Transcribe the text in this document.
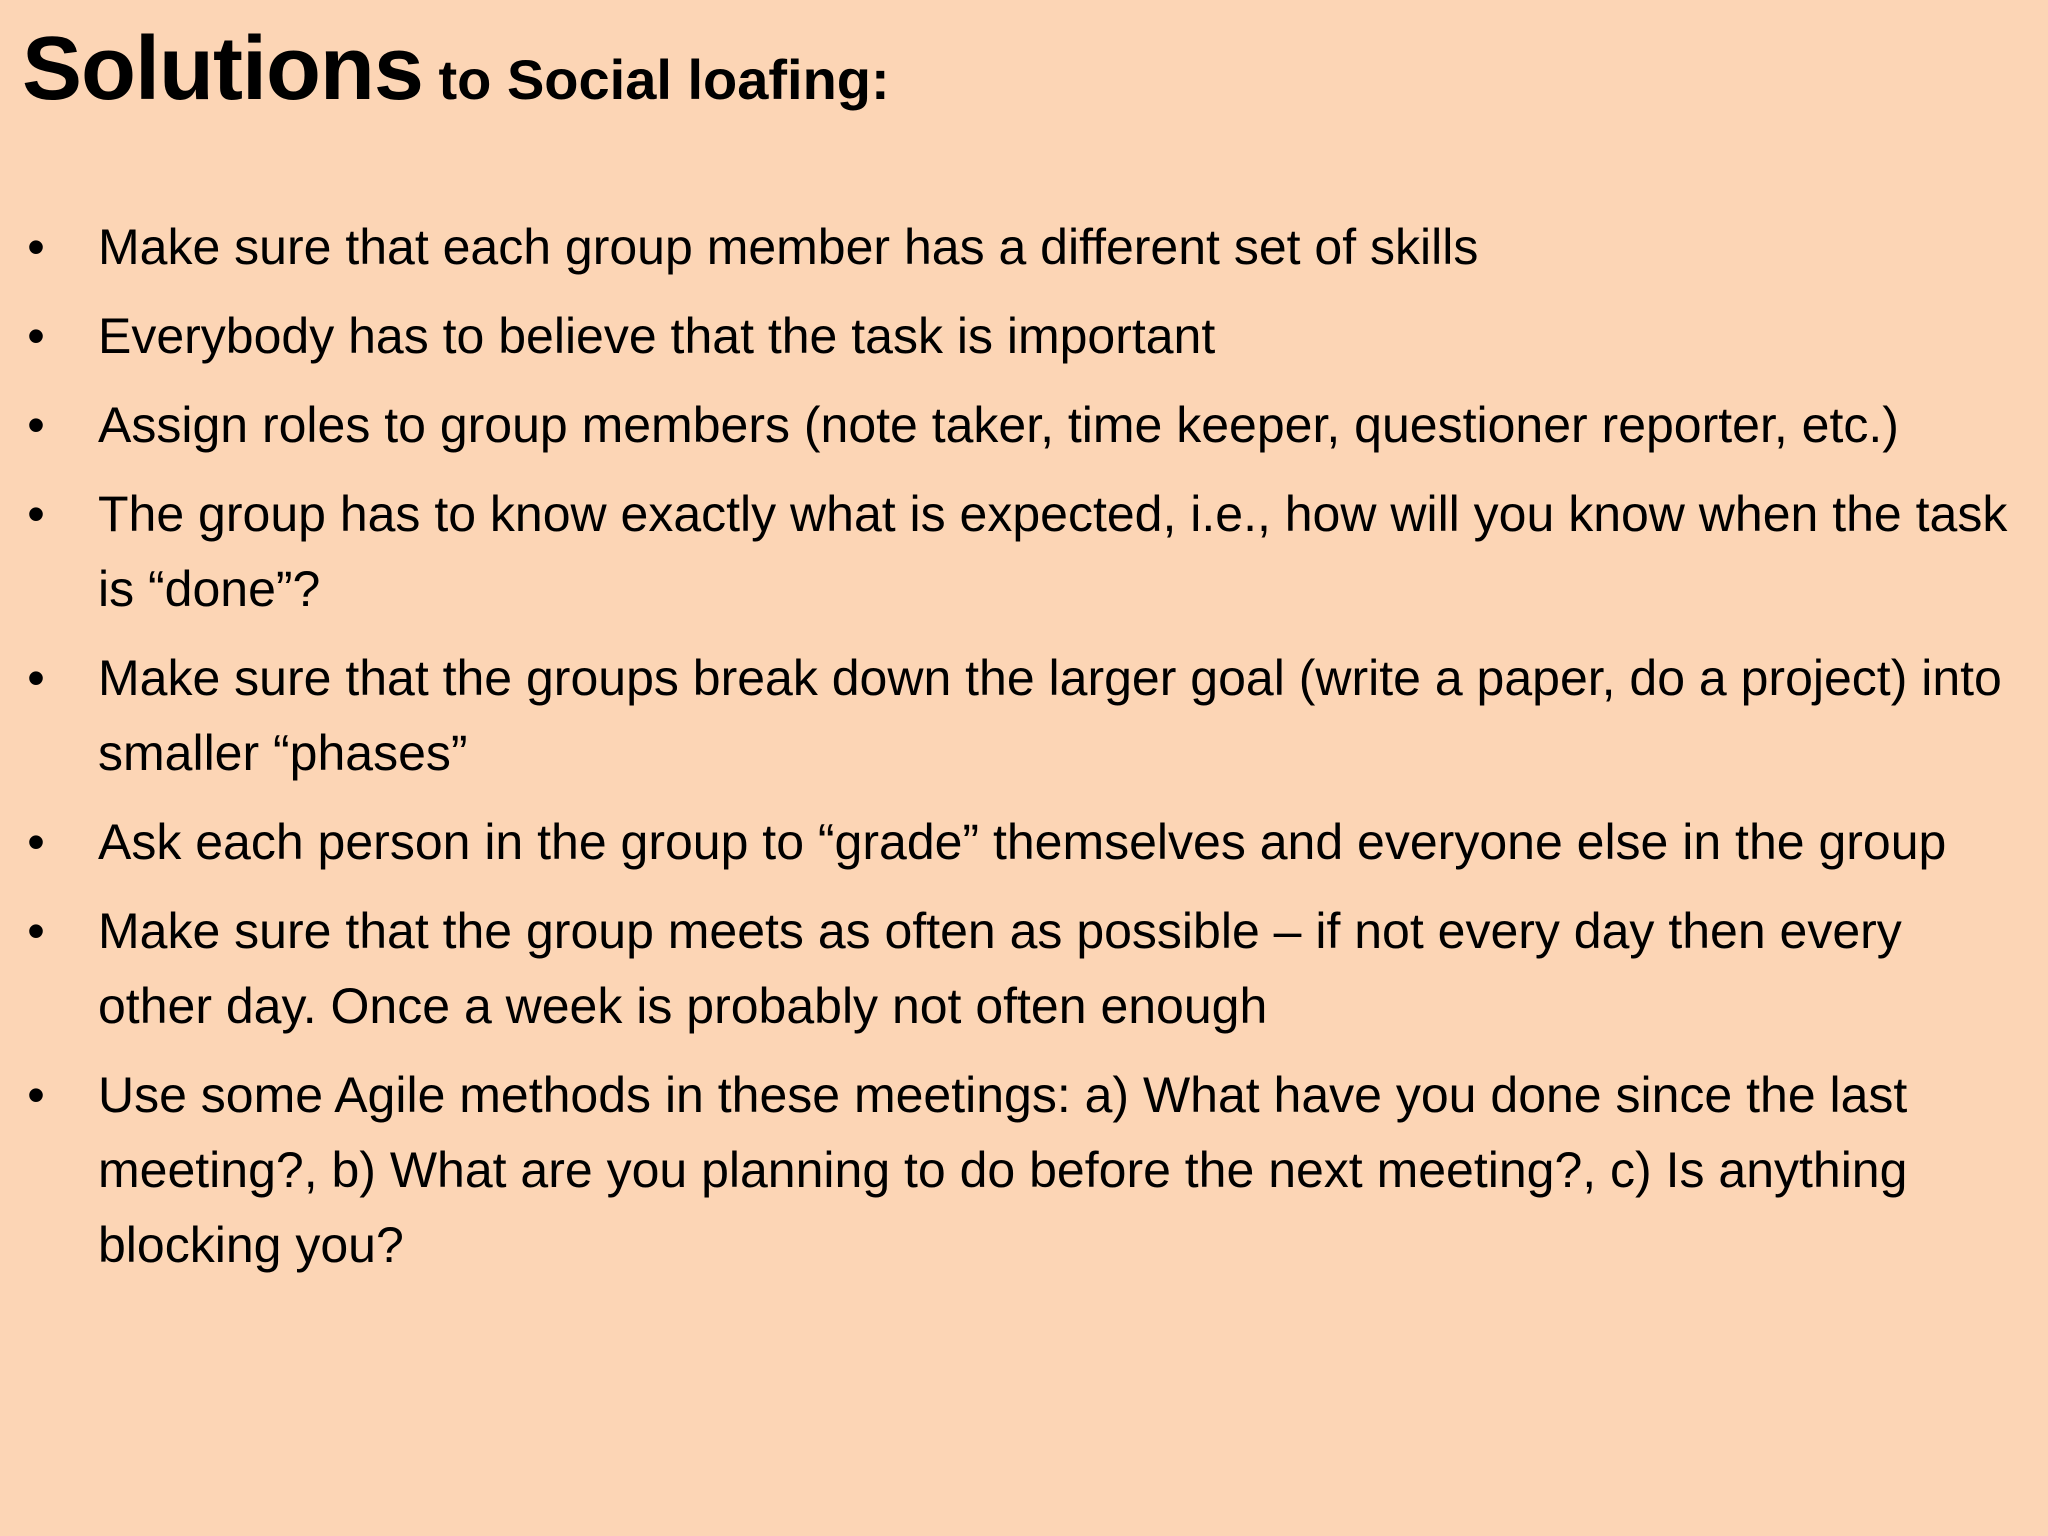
Solutions to Social loafing:
• Make sure that each group member has a different set of skills
• Everybody has to believe that the task is important
• Assign roles to group members (note taker, time keeper, questioner reporter, etc.)
• The group has to know exactly what is expected, i.e., how will you know when the task is “done”?
• Make sure that the groups break down the larger goal (write a paper, do a project) into smaller “phases”
• Ask each person in the group to “grade” themselves and everyone else in the group
• Make sure that the group meets as often as possible – if not every day then every other day. Once a week is probably not often enough
• Use some Agile methods in these meetings: a) What have you done since the last meeting?, b) What are you planning to do before the next meeting?, c) Is anything blocking you?
